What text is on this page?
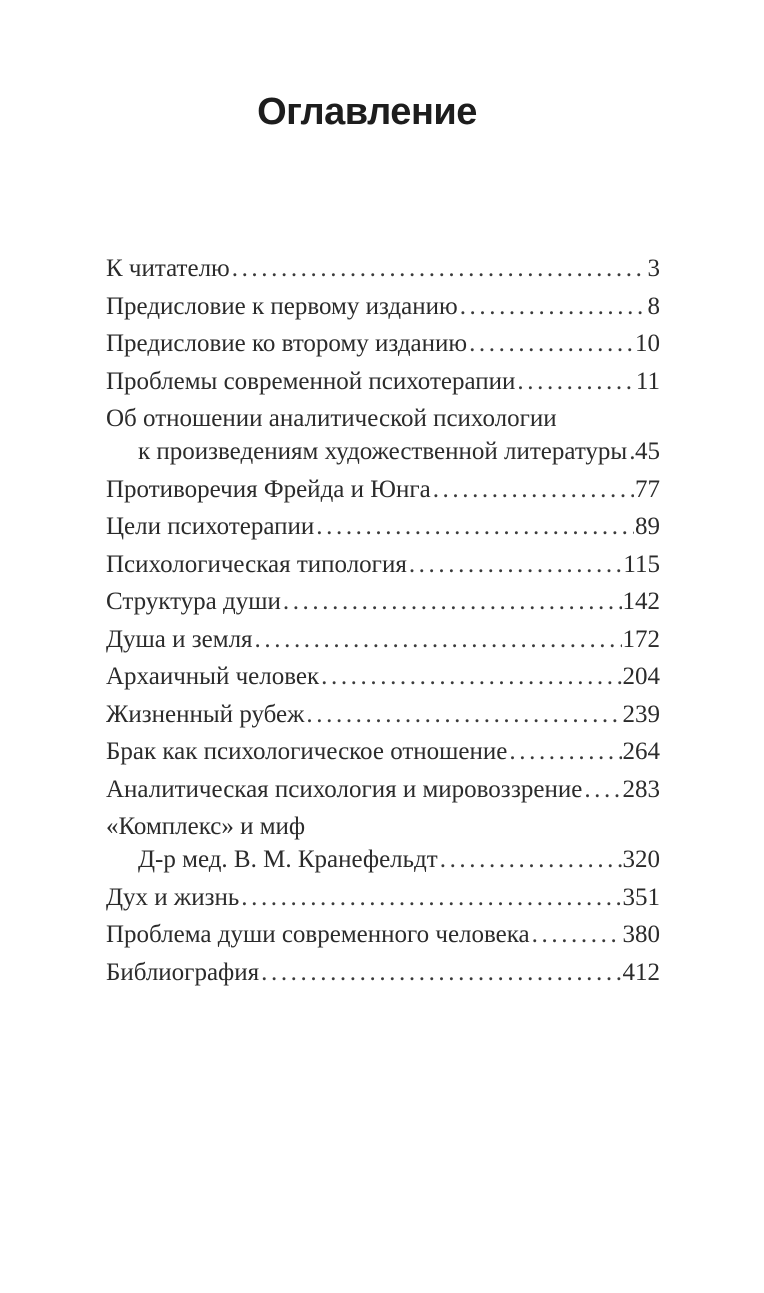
Оглавление
К читателю .....	3
Предисловие к первому изданию .....	8
Предисловие ко второму изданию .....	10
Проблемы современной психотерапии .....	11
Об отношении аналитической психологии
к произведениям художественной литературы ..... 45
Противоречия Фрейда и Юнга .....	77
Цели психотерапии .....	89
Психологическая типология .....	115
Структура души .....	142
Душа и земля .....	172
Архаичный человек .....	204
Жизненный рубеж .....	239
Брак как психологическое отношение .....	264
Аналитическая психология и мировоззрение ..... 283
«Комплекс» и миф
Д-р мед. В. М. Кранефельдт .....	320
Дух и жизнь .....	351
Проблема души современного человека .....	380
Библиография .....	412
